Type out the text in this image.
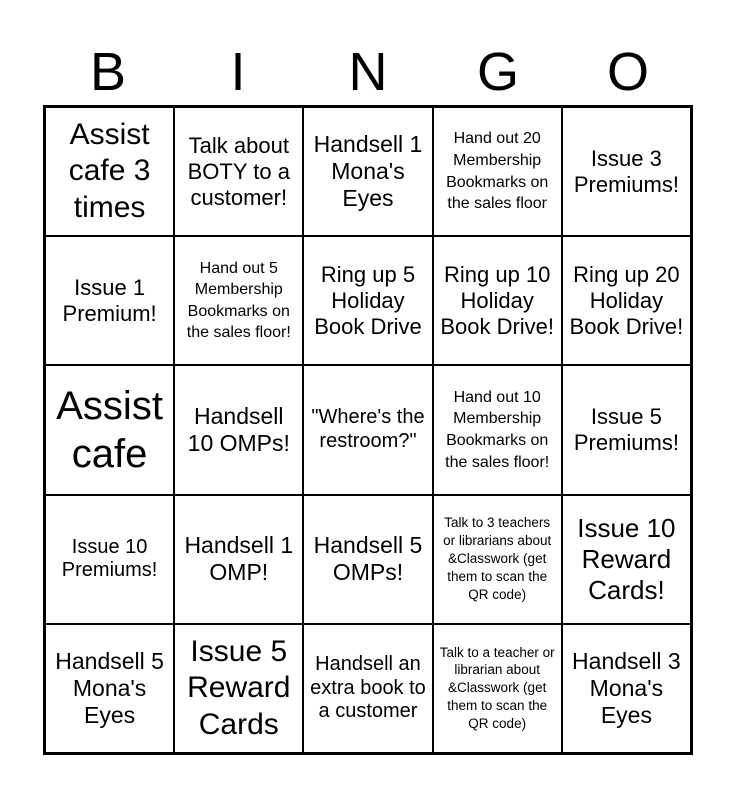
B	I	N	G	O
Assist cafe 3 times
Talk about BOTY to a customer!
Handsell 1 Mona's Eyes
Hand out 20 Membership Bookmarks on the sales floor
Issue 3 Premiums!
Issue 1 Premium!
Hand out 5 Membership Bookmarks on the sales floor!
Ring up 5 Holiday Book Drive
Ring up 10 Holiday Book Drive!
Ring up 20 Holiday Book Drive!
Assist cafe
Handsell 10 OMPs!
"Where's the restroom?"
Hand out 10 Membership Bookmarks on the sales floor!
Issue 5 Premiums!
Issue 10 Premiums!
Handsell 1 OMP!
Handsell 5 OMPs!
Talk to 3 teachers or librarians about &Classwork (get them to scan the QR code)
Issue 10 Reward Cards!
Handsell 5 Mona's Eyes
Issue 5 Reward Cards
Handsell an extra book to a customer
Talk to a teacher or librarian about &Classwork (get them to scan the QR code)
Handsell 3 Mona's Eyes
